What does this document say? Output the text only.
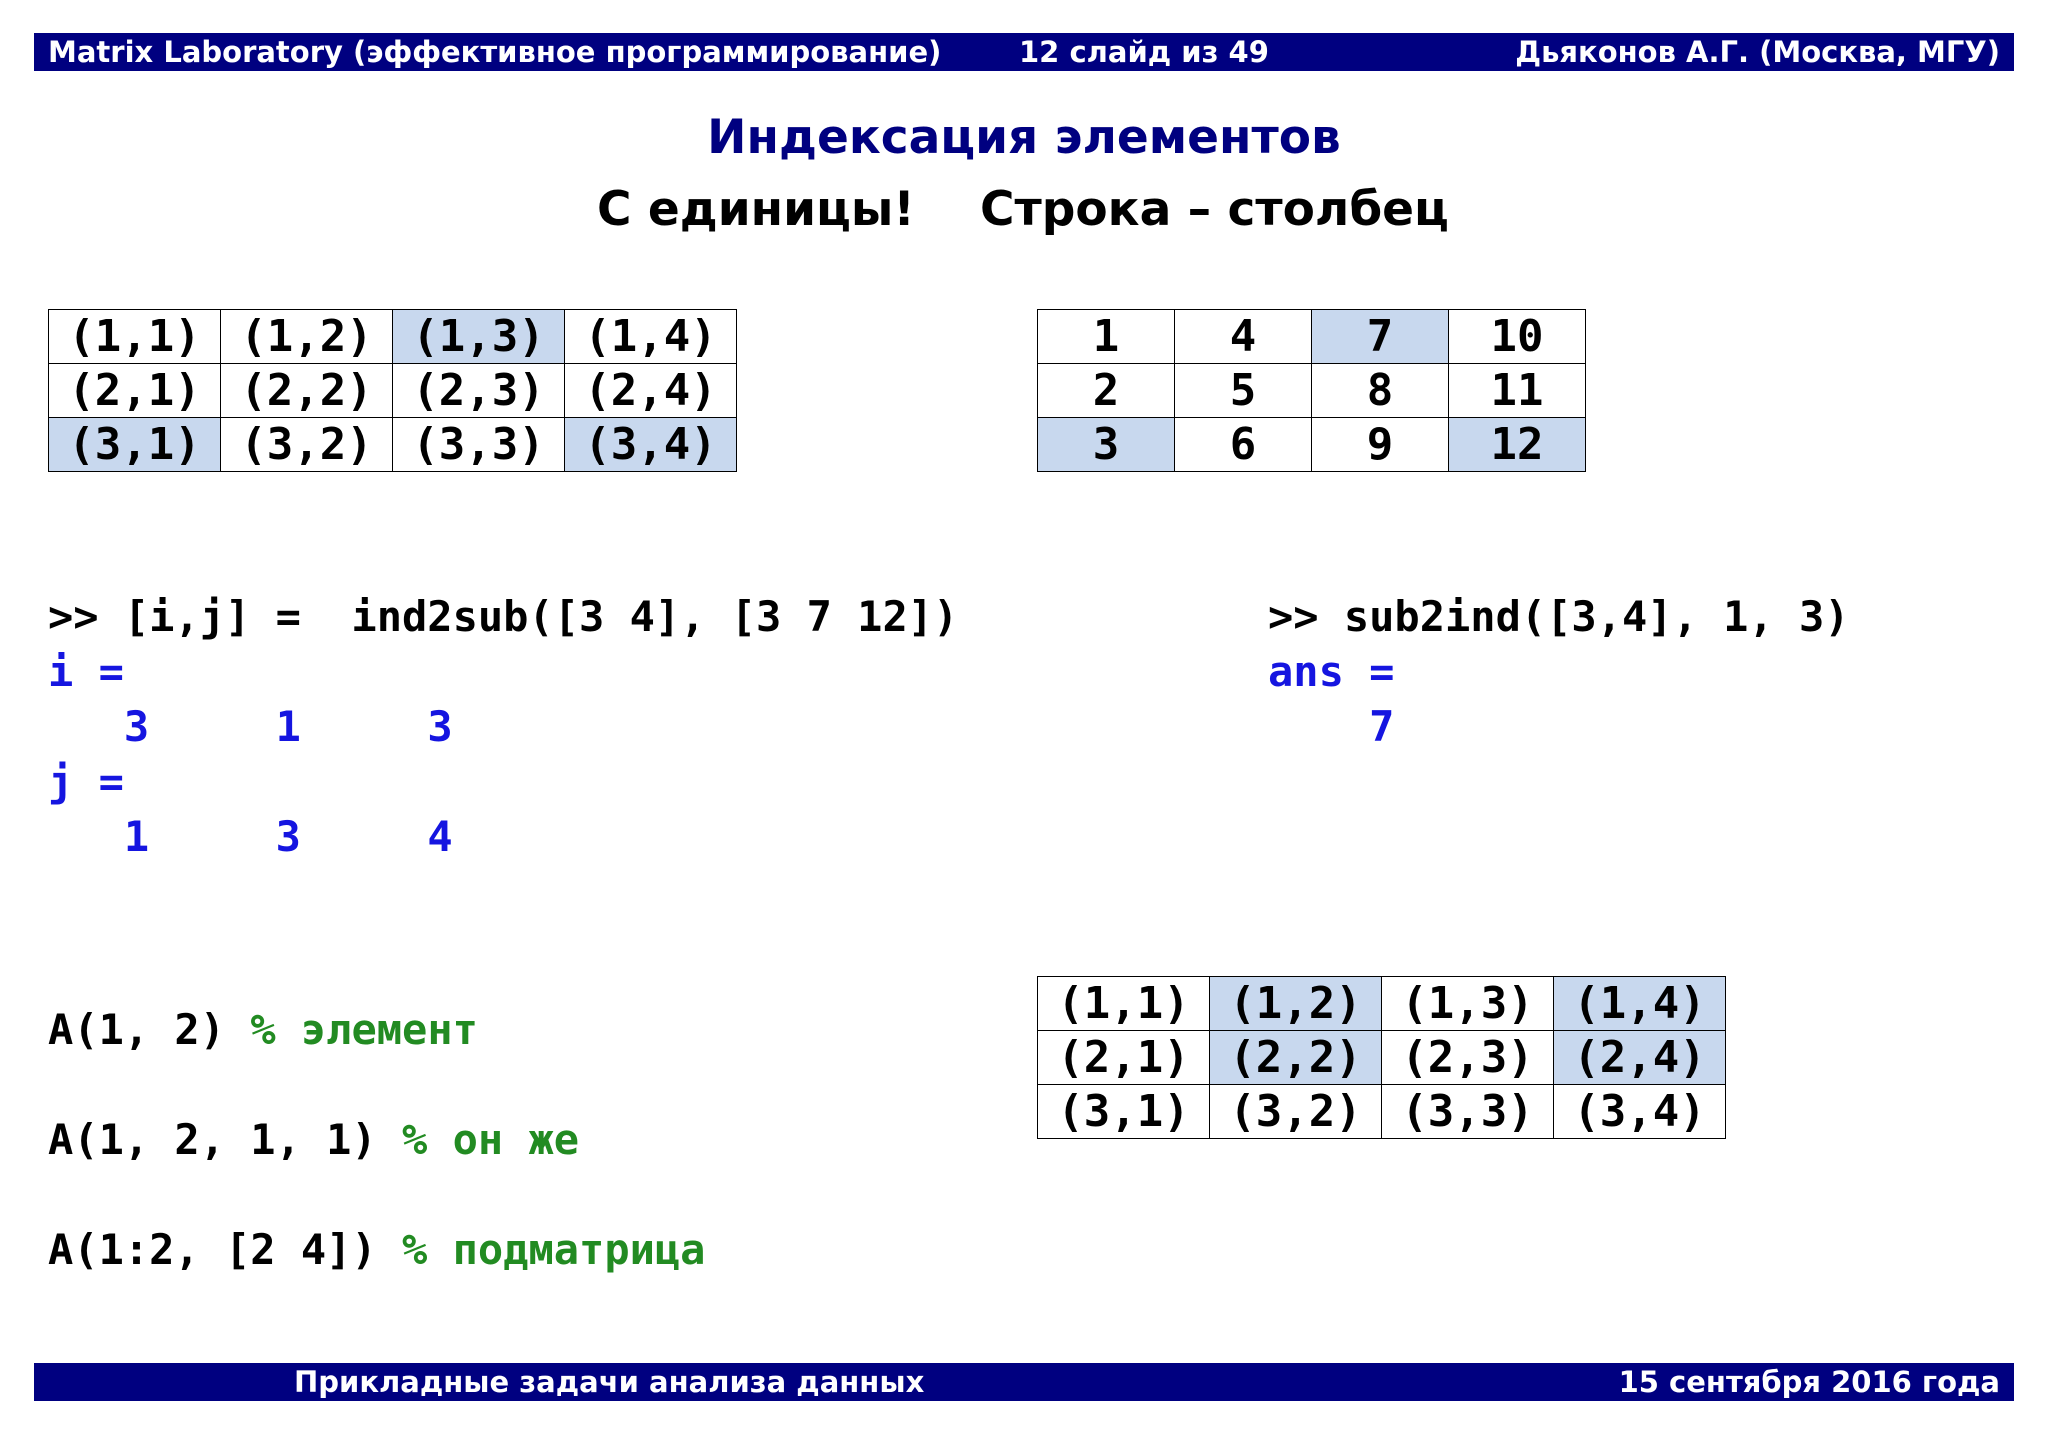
Matrix Laboratory (эффективное программирование)	12 слайд из 49	Дьяконов А.Г. (Москва, МГУ)
Индексация элементов
С единицы! Строка – столбец
(1,1)	(1,2)	(1,3)	(1,4)
(2,1)	(2,2)	(2,3)	(2,4)
(3,1)	(3,2)	(3,3)	(3,4)
1	4	7	10
2	5	8	11
3	6	9	12
>> [i,j] =  ind2sub([3 4], [3 7 12])
i =
3	1	3
j =
1	3	4
>> sub2ind([3,4], 1, 3)
ans =
7
A(1, 2) % элемент
A(1, 2, 1, 1) % он же
A(1:2, [2 4]) % подматрица
(1,1)	(1,2)	(1,3)	(1,4)
(2,1)	(2,2)	(2,3)	(2,4)
(3,1)	(3,2)	(3,3)	(3,4)
Прикладные задачи анализа данных	15 сентября 2016 года
